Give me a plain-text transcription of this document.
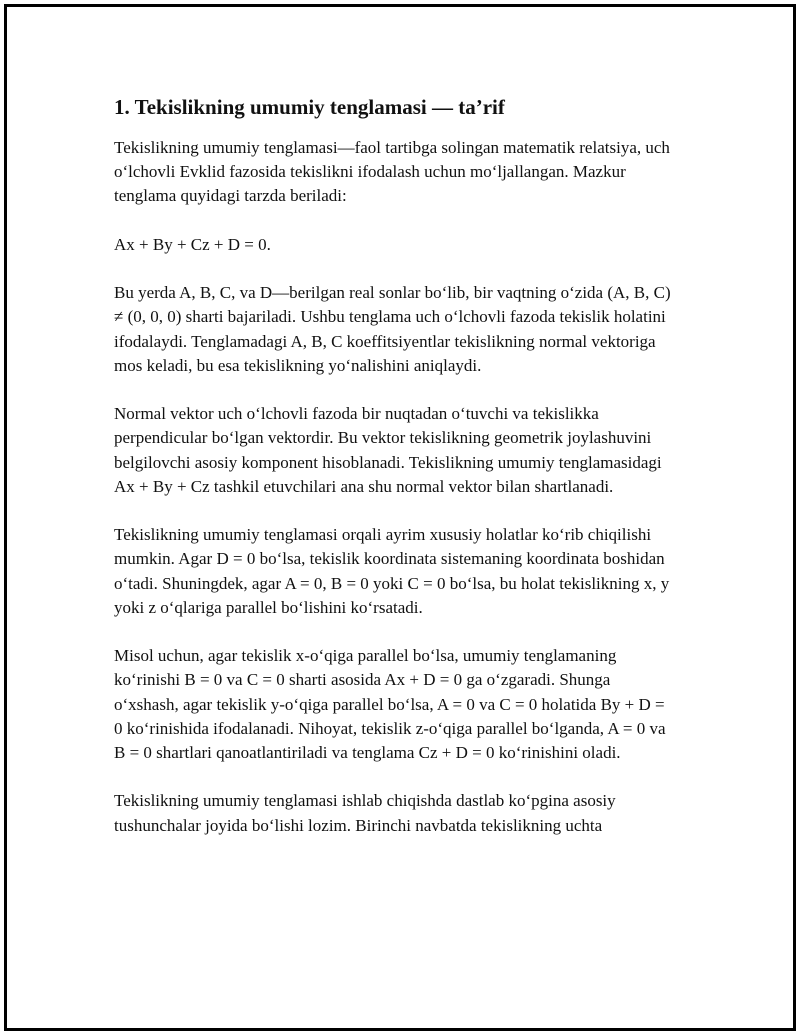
1. Tekislikning umumiy tenglamasi — ta’rif

Tekislikning umumiy tenglamasi—faol tartibga solingan matematik relatsiya, uch o‘lchovli Evklid fazosida tekislikni ifodalash uchun mo‘ljallangan. Mazkur tenglama quyidagi tarzda beriladi:

Ax + By + Cz + D = 0.

Bu yerda A, B, C, va D—berilgan real sonlar bo‘lib, bir vaqtning o‘zida (A, B, C) ≠ (0, 0, 0) sharti bajariladi. Ushbu tenglama uch o‘lchovli fazoda tekislik holatini ifodalaydi. Tenglamadagi A, B, C koeffitsiyentlar tekislikning normal vektoriga mos keladi, bu esa tekislikning yo‘nalishini aniqlaydi.

Normal vektor uch o‘lchovli fazoda bir nuqtadan o‘tuvchi va tekislikka perpendicular bo‘lgan vektordir. Bu vektor tekislikning geometrik joylashuvini belgilovchi asosiy komponent hisoblanadi. Tekislikning umumiy tenglamasidagi Ax + By + Cz tashkil etuvchilari ana shu normal vektor bilan shartlanadi.

Tekislikning umumiy tenglamasi orqali ayrim xususiy holatlar ko‘rib chiqilishi mumkin. Agar D = 0 bo‘lsa, tekislik koordinata sistemaning koordinata boshidan o‘tadi. Shuningdek, agar A = 0, B = 0 yoki C = 0 bo‘lsa, bu holat tekislikning x, y yoki z o‘qlariga parallel bo‘lishini ko‘rsatadi.

Misol uchun, agar tekislik x-o‘qiga parallel bo‘lsa, umumiy tenglamaning ko‘rinishi B = 0 va C = 0 sharti asosida Ax + D = 0 ga o‘zgaradi. Shunga o‘xshash, agar tekislik y-o‘qiga parallel bo‘lsa, A = 0 va C = 0 holatida By + D = 0 ko‘rinishida ifodalanadi. Nihoyat, tekislik z-o‘qiga parallel bo‘lganda, A = 0 va B = 0 shartlari qanoatlantiriladi va tenglama Cz + D = 0 ko‘rinishini oladi.

Tekislikning umumiy tenglamasi ishlab chiqishda dastlab ko‘pgina asosiy tushunchalar joyida bo‘lishi lozim. Birinchi navbatda tekislikning uchta
